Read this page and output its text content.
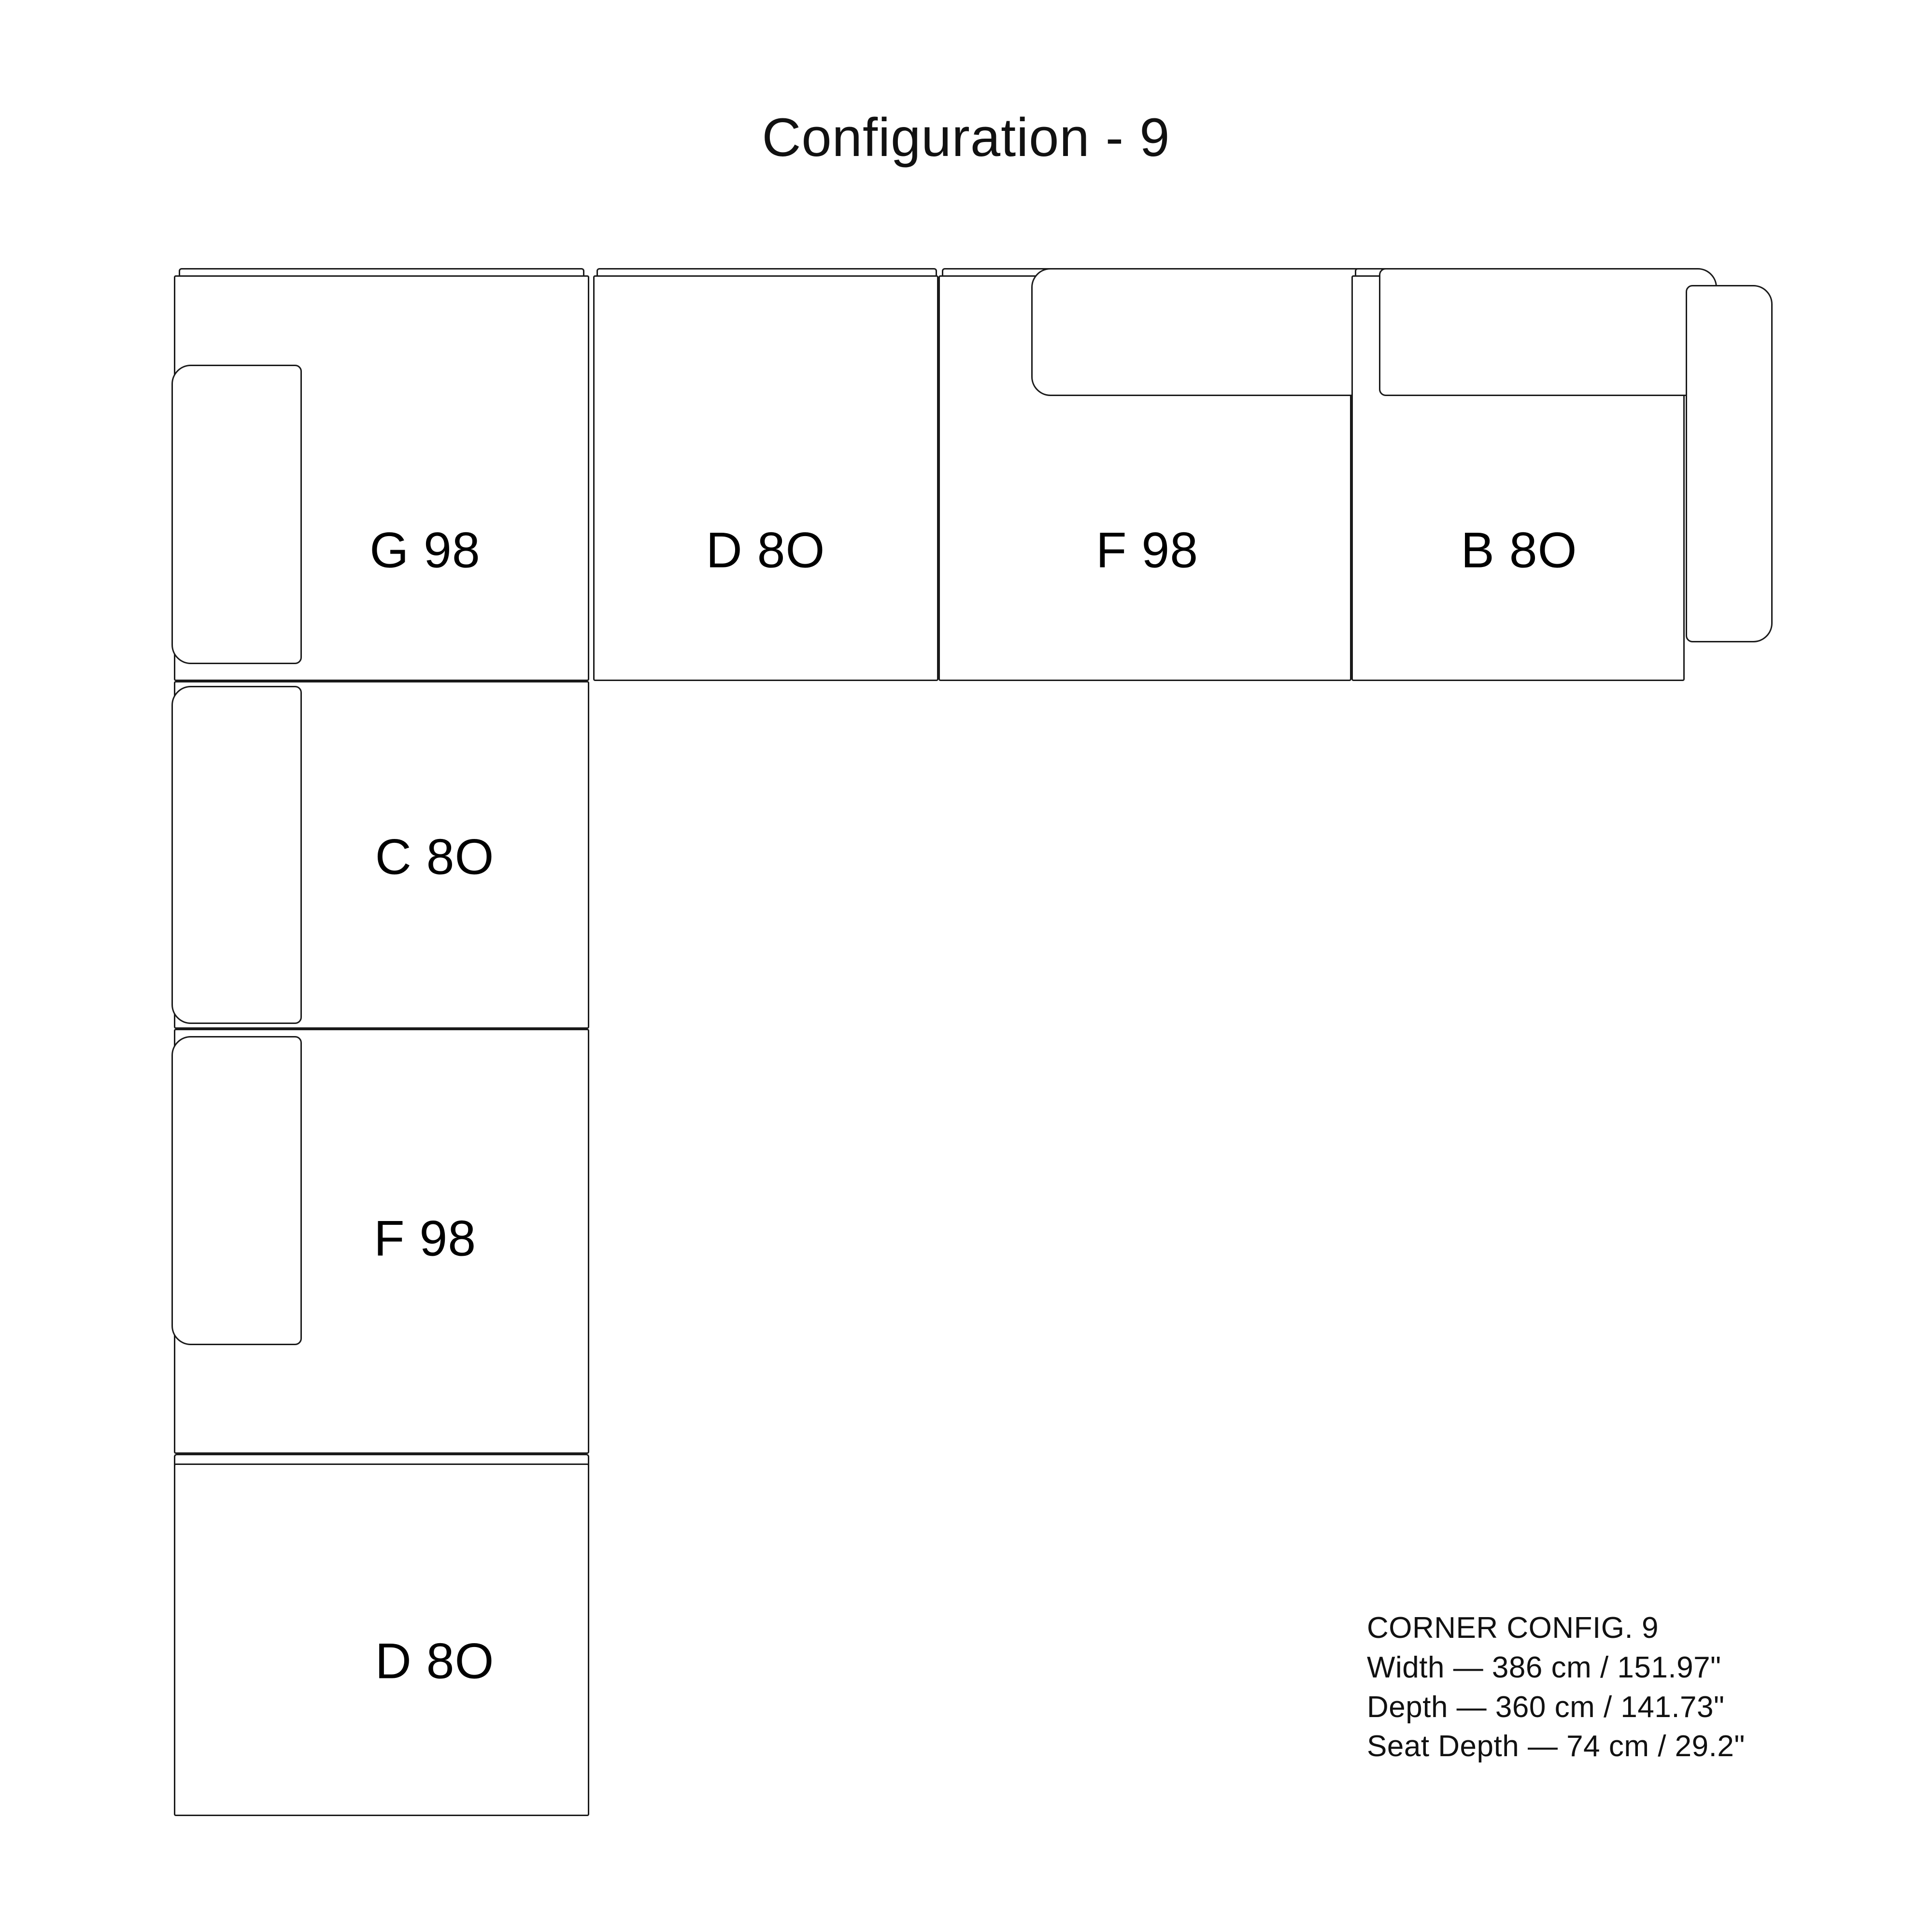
Configuration - 9
G 98	D 8O	F 98	B 8O
C 8O
F 98
D 8O
CORNER CONFIG. 9
Width — 386 cm / 151.97"
Depth — 360 cm / 141.73"
Seat Depth — 74 cm / 29.2"
